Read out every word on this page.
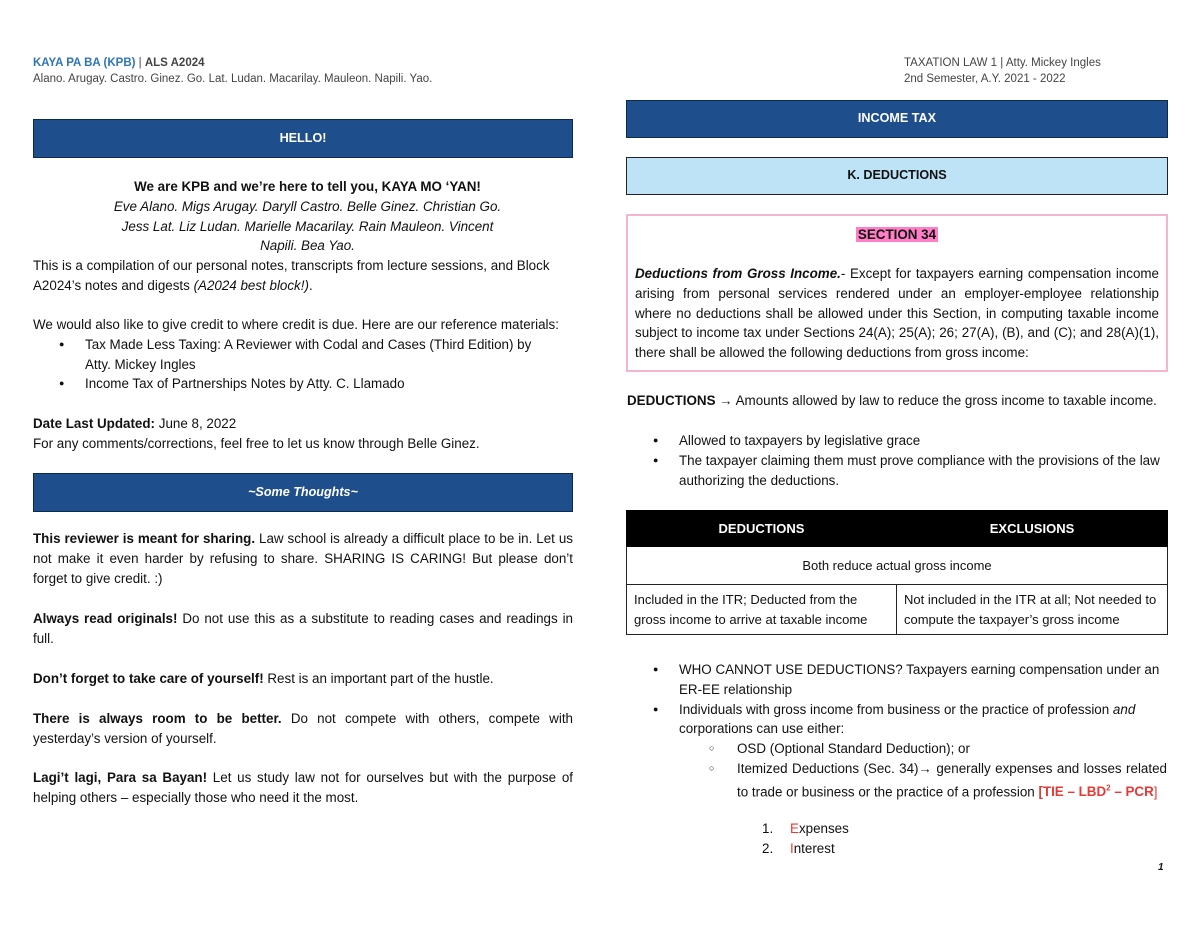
KAYA PA BA (KPB) | ALS A2024
Alano. Arugay. Castro. Ginez. Go. Lat. Ludan. Macarilay. Mauleon. Napili. Yao.
TAXATION LAW 1 | Atty. Mickey Ingles
2nd Semester, A.Y. 2021 - 2022
HELLO!
We are KPB and we’re here to tell you, KAYA MO ‘YAN!
Eve Alano. Migs Arugay. Daryll Castro. Belle Ginez. Christian Go. Jess Lat. Liz Ludan. Marielle Macarilay. Rain Mauleon. Vincent Napili. Bea Yao.
This is a compilation of our personal notes, transcripts from lecture sessions, and Block A2024’s notes and digests (A2024 best block!).
We would also like to give credit to where credit is due. Here are our reference materials:
● Tax Made Less Taxing: A Reviewer with Codal and Cases (Third Edition) by Atty. Mickey Ingles
● Income Tax of Partnerships Notes by Atty. C. Llamado
Date Last Updated: June 8, 2022
For any comments/corrections, feel free to let us know through Belle Ginez.
~Some Thoughts~
This reviewer is meant for sharing. Law school is already a difficult place to be in. Let us not make it even harder by refusing to share. SHARING IS CARING! But please don’t forget to give credit. :)
Always read originals! Do not use this as a substitute to reading cases and readings in full.
Don’t forget to take care of yourself! Rest is an important part of the hustle.
There is always room to be better. Do not compete with others, compete with yesterday’s version of yourself.
Lagi’t lagi, Para sa Bayan! Let us study law not for ourselves but with the purpose of helping others – especially those who need it the most.
INCOME TAX
K. DEDUCTIONS
SECTION 34
Deductions from Gross Income.- Except for taxpayers earning compensation income arising from personal services rendered under an employer-employee relationship where no deductions shall be allowed under this Section, in computing taxable income subject to income tax under Sections 24(A); 25(A); 26; 27(A), (B), and (C); and 28(A)(1), there shall be allowed the following deductions from gross income:
DEDUCTIONS → Amounts allowed by law to reduce the gross income to taxable income.
● Allowed to taxpayers by legislative grace
● The taxpayer claiming them must prove compliance with the provisions of the law authorizing the deductions.
DEDUCTIONS	EXCLUSIONS
Both reduce actual gross income	
Included in the ITR; Deducted from the gross income to arrive at taxable income	Not included in the ITR at all; Not needed to compute the taxpayer’s gross income
● WHO CANNOT USE DEDUCTIONS? Taxpayers earning compensation under an ER-EE relationship
● Individuals with gross income from business or the practice of profession and corporations can use either:
○ OSD (Optional Standard Deduction); or
○ Itemized Deductions (Sec. 34)→ generally expenses and losses related to trade or business or the practice of a profession [TIE – LBD$^2$ – PCR]
1. Expenses
2. Interest
1
